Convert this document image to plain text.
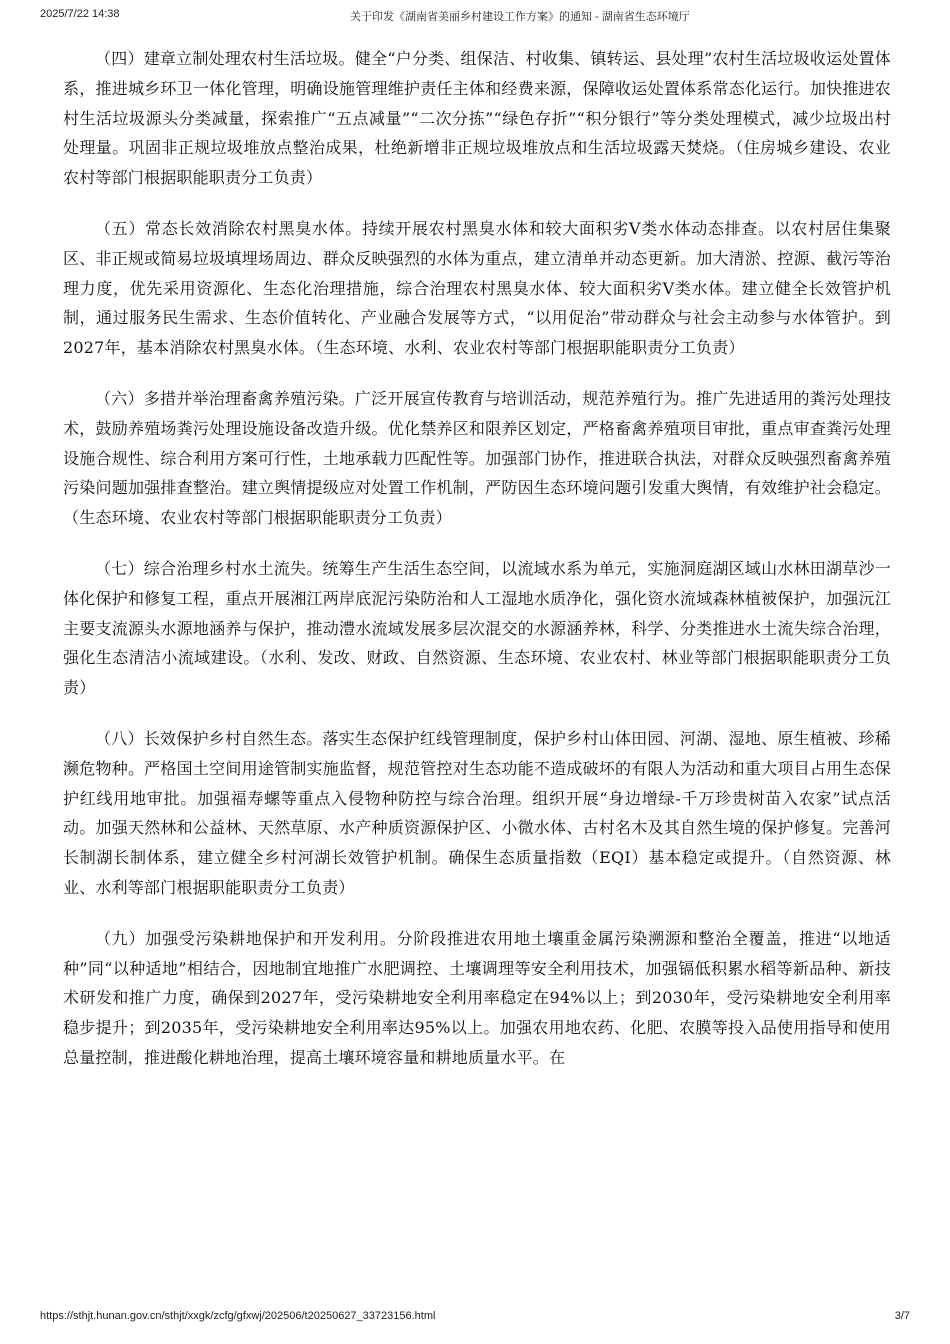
2025/7/22 14:38	关于印发《湖南省美丽乡村建设工作方案》的通知 - 湖南省生态环境厅

（四）建章立制处理农村生活垃圾。健全“户分类、组保洁、村收集、镇转运、县处理”农村生活垃圾收运处置体系，推进城乡环卫一体化管理，明确设施管理维护责任主体和经费来源，保障收运处置体系常态化运行。加快推进农村生活垃圾源头分类减量，探索推广“五点减量”“二次分拣”“绿色存折”“积分银行”等分类处理模式，减少垃圾出村处理量。巩固非正规垃圾堆放点整治成果，杜绝新增非正规垃圾堆放点和生活垃圾露天焚烧。（住房城乡建设、农业农村等部门根据职能职责分工负责）

（五）常态长效消除农村黑臭水体。持续开展农村黑臭水体和较大面积劣V类水体动态排查。以农村居住集聚区、非正规或简易垃圾填埋场周边、群众反映强烈的水体为重点，建立清单并动态更新。加大清淤、控源、截污等治理力度，优先采用资源化、生态化治理措施，综合治理农村黑臭水体、较大面积劣V类水体。建立健全长效管护机制，通过服务民生需求、生态价值转化、产业融合发展等方式，“以用促治”带动群众与社会主动参与水体管护。到2027年，基本消除农村黑臭水体。（生态环境、水利、农业农村等部门根据职能职责分工负责）

（六）多措并举治理畜禽养殖污染。广泛开展宣传教育与培训活动，规范养殖行为。推广先进适用的粪污处理技术，鼓励养殖场粪污处理设施设备改造升级。优化禁养区和限养区划定，严格畜禽养殖项目审批，重点审查粪污处理设施合规性、综合利用方案可行性，土地承载力匹配性等。加强部门协作，推进联合执法，对群众反映强烈畜禽养殖污染问题加强排查整治。建立舆情提级应对处置工作机制，严防因生态环境问题引发重大舆情，有效维护社会稳定。（生态环境、农业农村等部门根据职能职责分工负责）

（七）综合治理乡村水土流失。统筹生产生活生态空间，以流域水系为单元，实施洞庭湖区域山水林田湖草沙一体化保护和修复工程，重点开展湘江两岸底泥污染防治和人工湿地水质净化，强化资水流域森林植被保护，加强沅江主要支流源头水源地涵养与保护，推动澧水流域发展多层次混交的水源涵养林，科学、分类推进水土流失综合治理，强化生态清洁小流域建设。（水利、发改、财政、自然资源、生态环境、农业农村、林业等部门根据职能职责分工负责）

（八）长效保护乡村自然生态。落实生态保护红线管理制度，保护乡村山体田园、河湖、湿地、原生植被、珍稀濒危物种。严格国土空间用途管制实施监督，规范管控对生态功能不造成破坏的有限人为活动和重大项目占用生态保护红线用地审批。加强福寿螺等重点入侵物种防控与综合治理。组织开展“身边增绿-千万珍贵树苗入农家”试点活动。加强天然林和公益林、天然草原、水产种质资源保护区、小微水体、古村名木及其自然生境的保护修复。完善河长制湖长制体系，建立健全乡村河湖长效管护机制。确保生态质量指数（EQI）基本稳定或提升。（自然资源、林业、水利等部门根据职能职责分工负责）

（九）加强受污染耕地保护和开发利用。分阶段推进农用地土壤重金属污染溯源和整治全覆盖，推进“以地适种”同“以种适地”相结合，因地制宜地推广水肥调控、土壤调理等安全利用技术，加强镉低积累水稻等新品种、新技术研发和推广力度，确保到2027年，受污染耕地安全利用率稳定在94%以上；到2030年，受污染耕地安全利用率稳步提升；到2035年，受污染耕地安全利用率达95%以上。加强农用地农药、化肥、农膜等投入品使用指导和使用总量控制，推进酸化耕地治理，提高土壤环境容量和耕地质量水平。在

https://sthjt.hunan.gov.cn/sthjt/xxgk/zcfg/gfxwj/202506/t20250627_33723156.html	3/7
